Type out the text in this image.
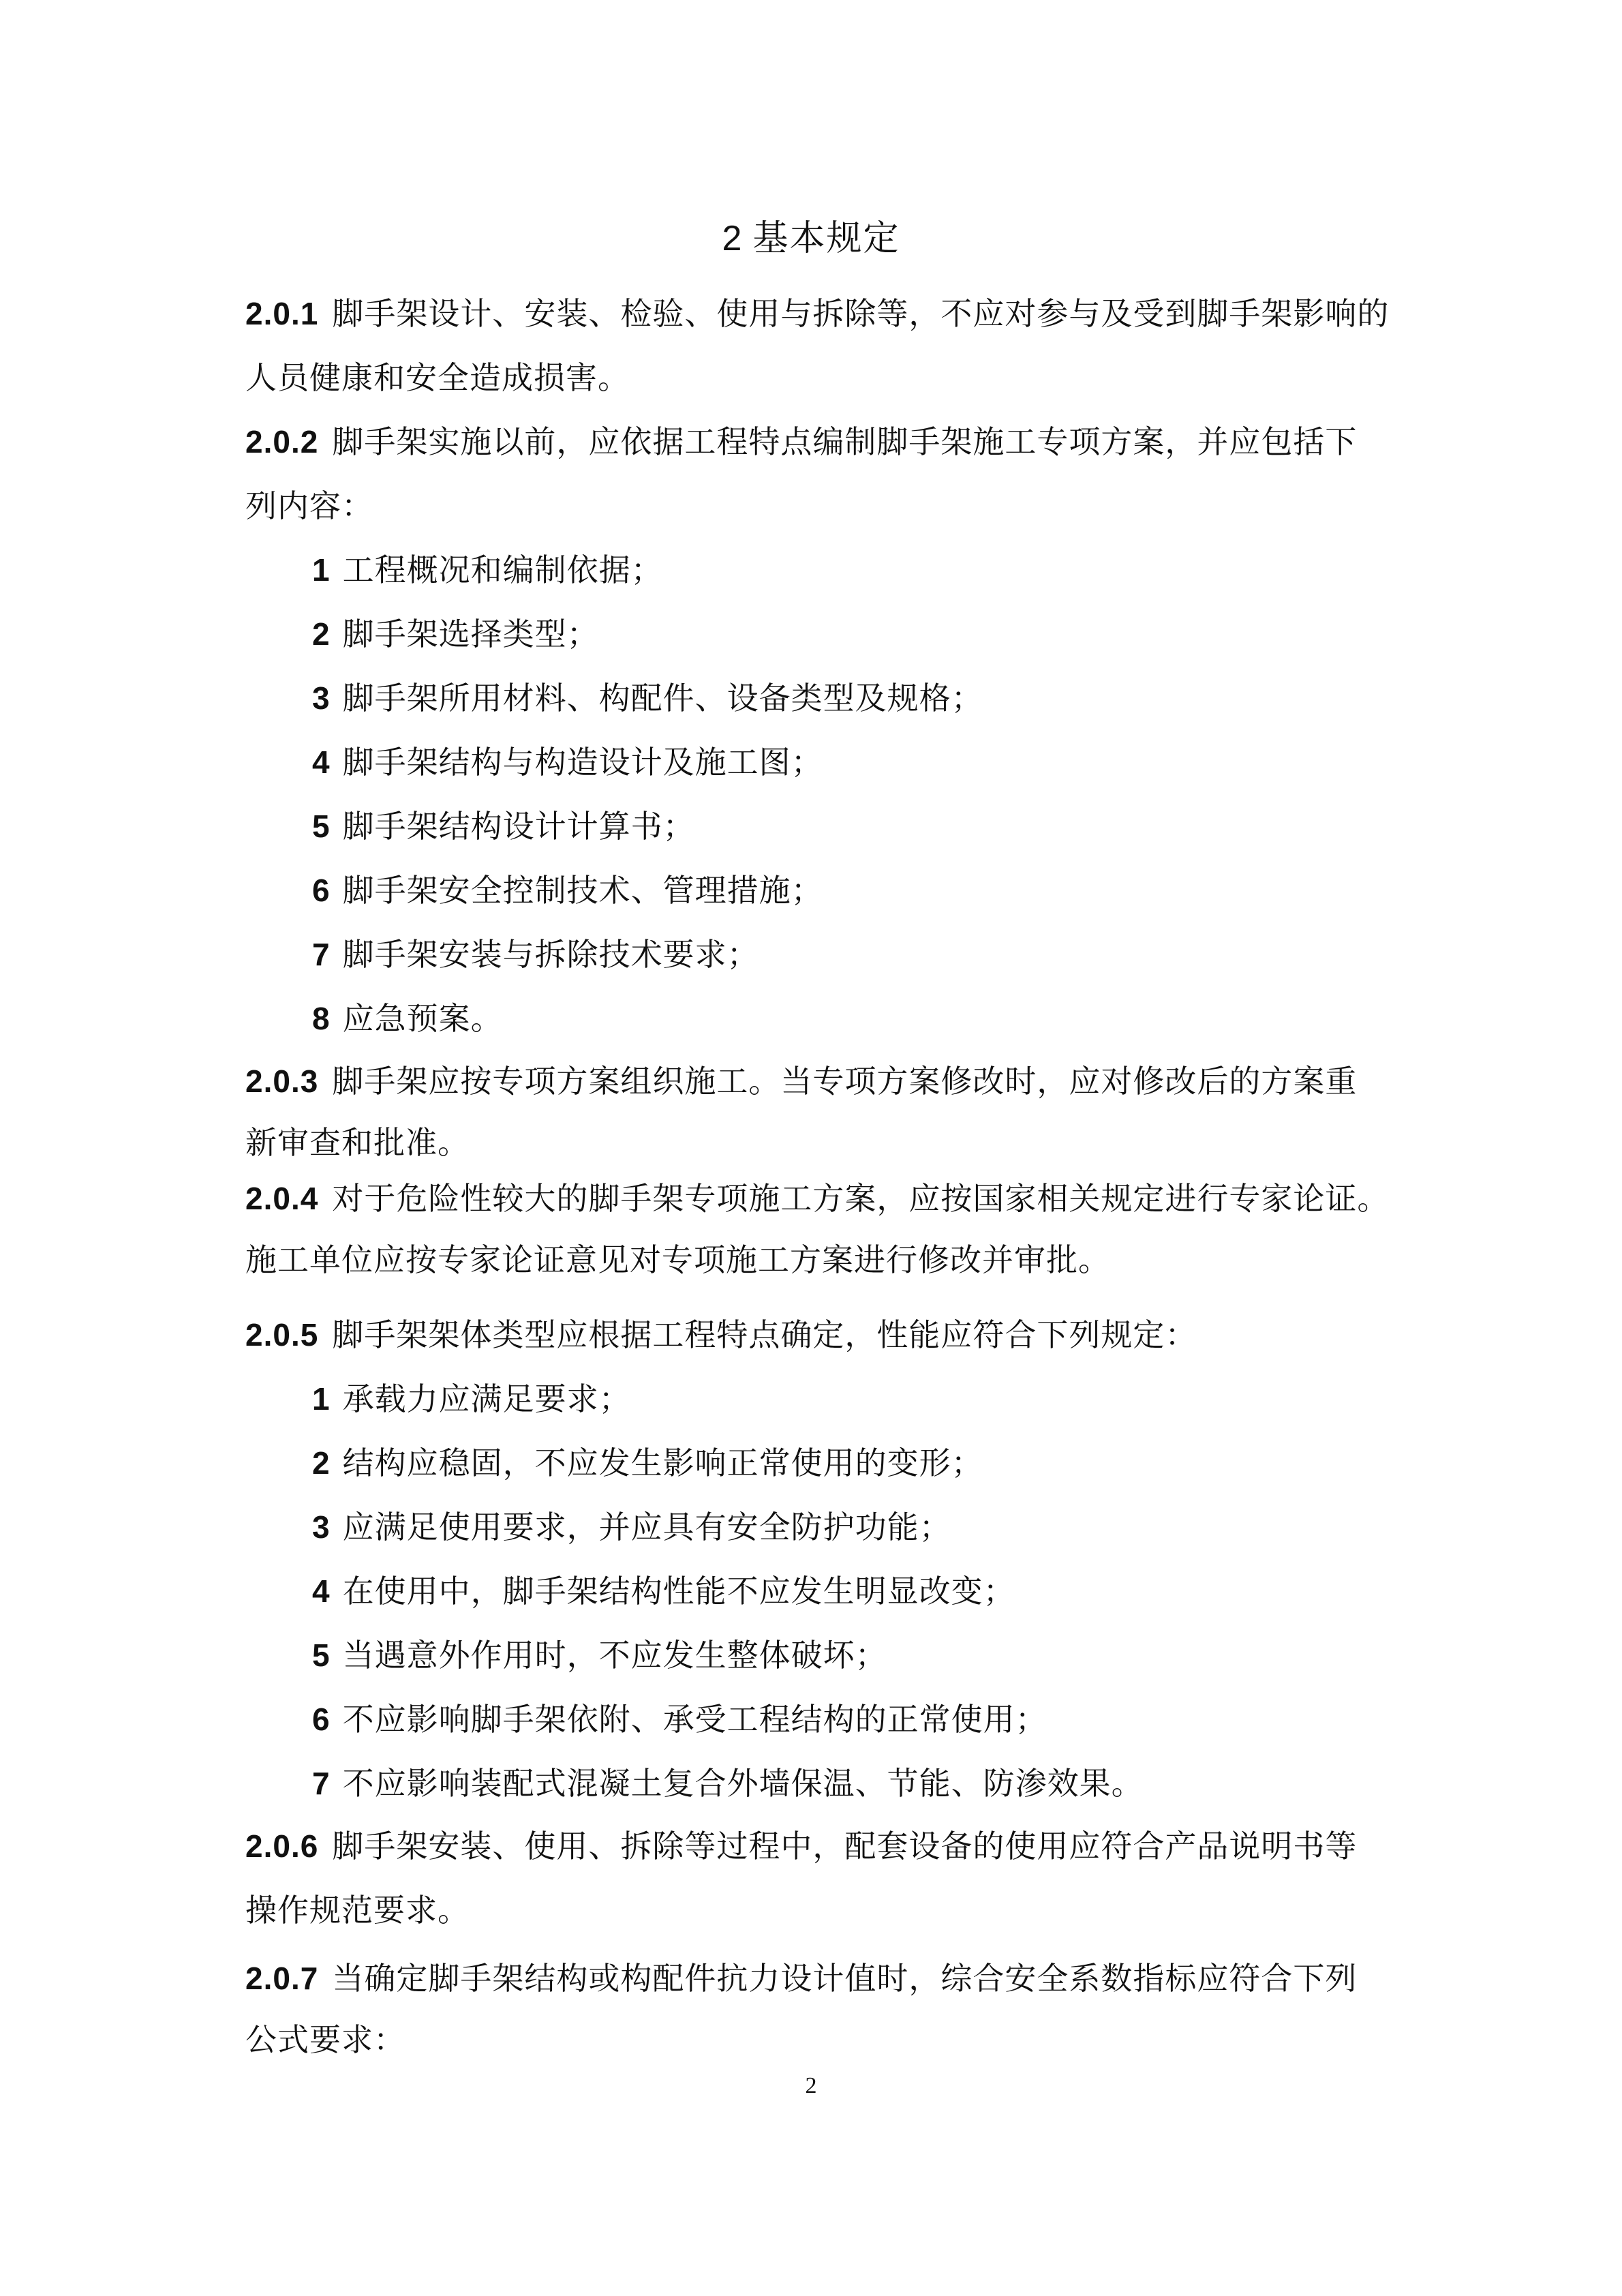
2 基本规定
2.0.1 脚手架设计、安装、检验、使用与拆除等，不应对参与及受到脚手架影响的
人员健康和安全造成损害。
2.0.2 脚手架实施以前，应依据工程特点编制脚手架施工专项方案，并应包括下
列内容：
1 工程概况和编制依据；
2 脚手架选择类型；
3 脚手架所用材料、构配件、设备类型及规格；
4 脚手架结构与构造设计及施工图；
5 脚手架结构设计计算书；
6 脚手架安全控制技术、管理措施；
7 脚手架安装与拆除技术要求；
8 应急预案。
2.0.3 脚手架应按专项方案组织施工。当专项方案修改时，应对修改后的方案重
新审查和批准。
2.0.4 对于危险性较大的脚手架专项施工方案，应按国家相关规定进行专家论证。
施工单位应按专家论证意见对专项施工方案进行修改并审批。
2.0.5 脚手架架体类型应根据工程特点确定，性能应符合下列规定：
1 承载力应满足要求；
2 结构应稳固，不应发生影响正常使用的变形；
3 应满足使用要求，并应具有安全防护功能；
4 在使用中，脚手架结构性能不应发生明显改变；
5 当遇意外作用时，不应发生整体破坏；
6 不应影响脚手架依附、承受工程结构的正常使用；
7 不应影响装配式混凝土复合外墙保温、节能、防渗效果。
2.0.6 脚手架安装、使用、拆除等过程中，配套设备的使用应符合产品说明书等
操作规范要求。
2.0.7 当确定脚手架结构或构配件抗力设计值时，综合安全系数指标应符合下列
公式要求：
2
